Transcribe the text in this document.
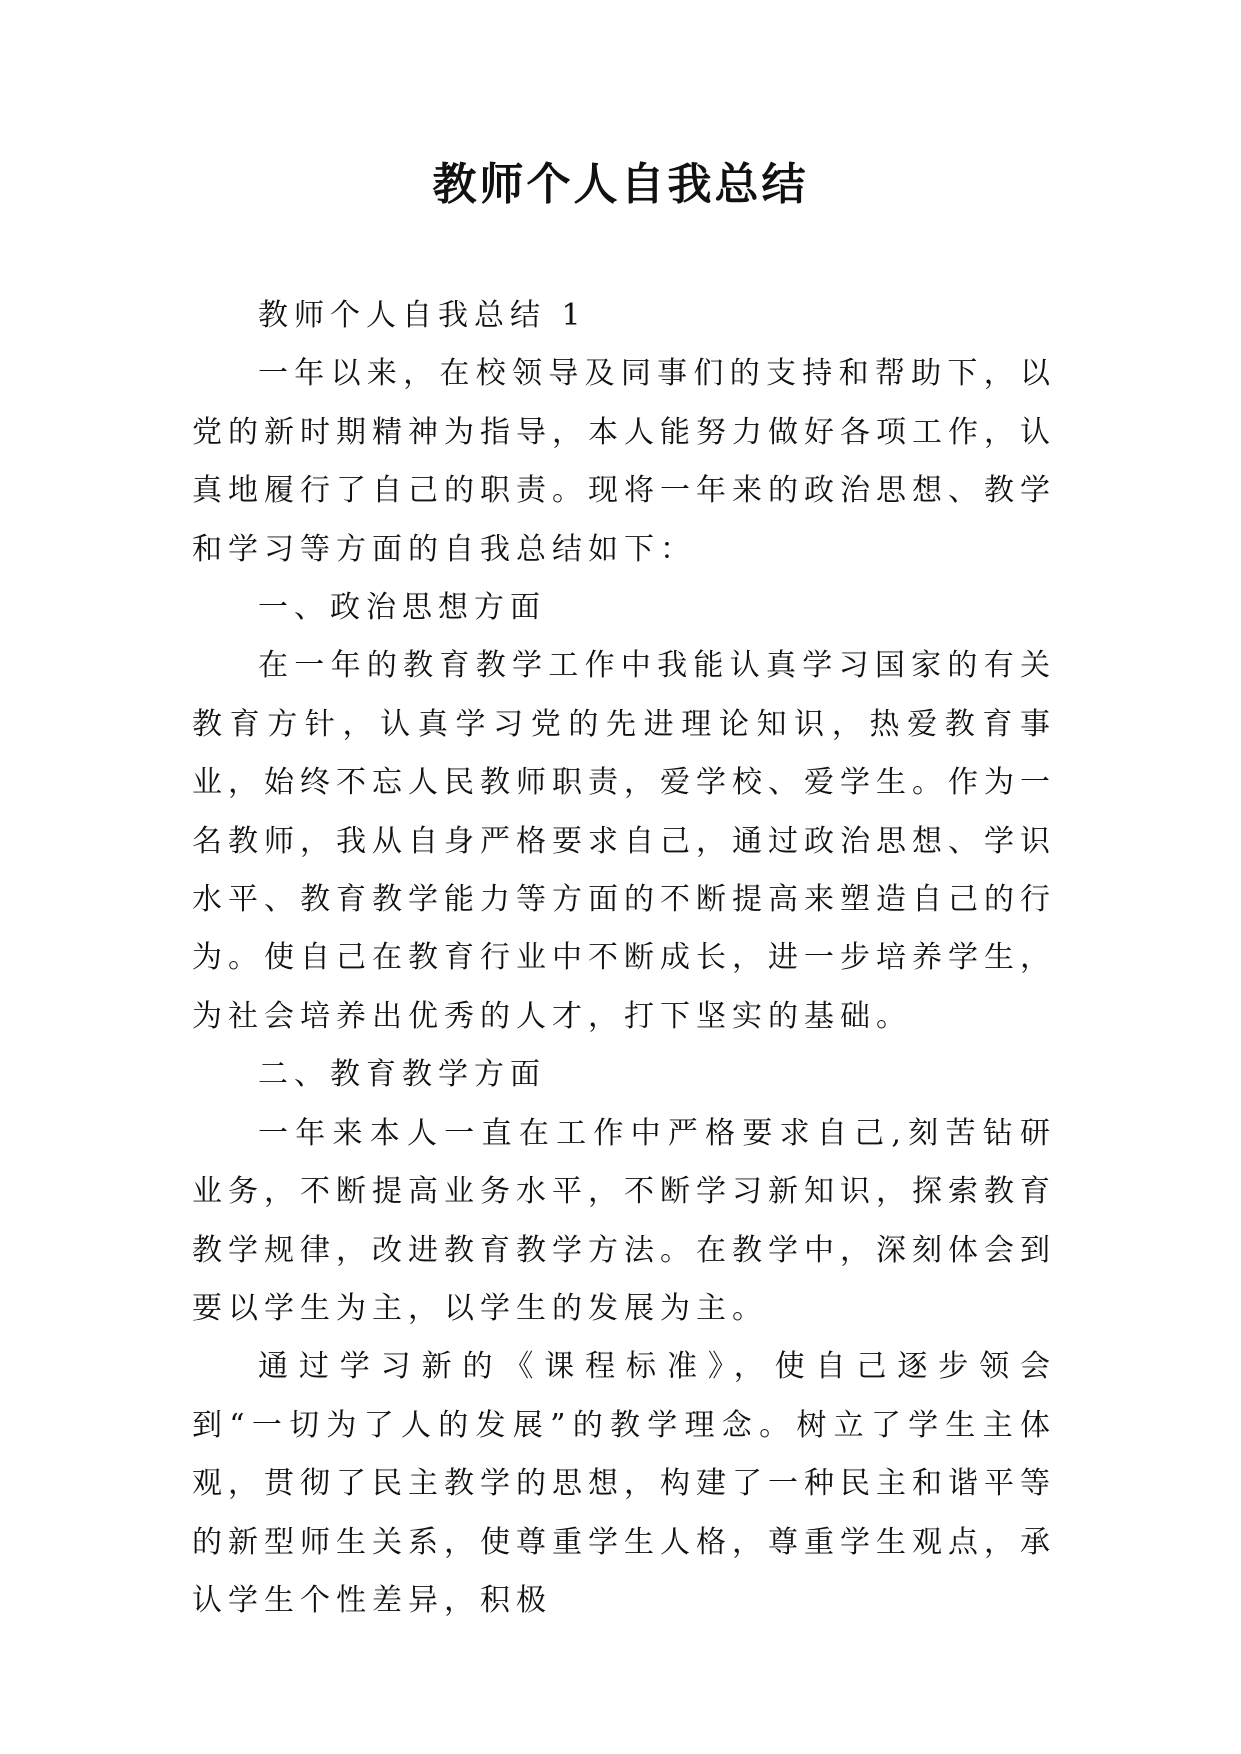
教师个人自我总结

教师个人自我总结 1

一年以来，在校领导及同事们的支持和帮助下，以党的新时期精神为指导，本人能努力做好各项工作，认真地履行了自己的职责。现将一年来的政治思想、教学和学习等方面的自我总结如下：

一、政治思想方面

在一年的教育教学工作中我能认真学习国家的有关教育方针，认真学习党的先进理论知识，热爱教育事业，始终不忘人民教师职责，爱学校、爱学生。作为一名教师，我从自身严格要求自己，通过政治思想、学识水平、教育教学能力等方面的不断提高来塑造自己的行为。使自己在教育行业中不断成长，进一步培养学生，为社会培养出优秀的人才，打下坚实的基础。

二、教育教学方面

一年来本人一直在工作中严格要求自己,刻苦钻研业务，不断提高业务水平，不断学习新知识，探索教育教学规律，改进教育教学方法。在教学中，深刻体会到要以学生为主，以学生的发展为主。

通过学习新的《课程标准》，使自己逐步领会到“一切为了人的发展”的教学理念。树立了学生主体观，贯彻了民主教学的思想，构建了一种民主和谐平等的新型师生关系，使尊重学生人格，尊重学生观点，承认学生个性差异，积极
